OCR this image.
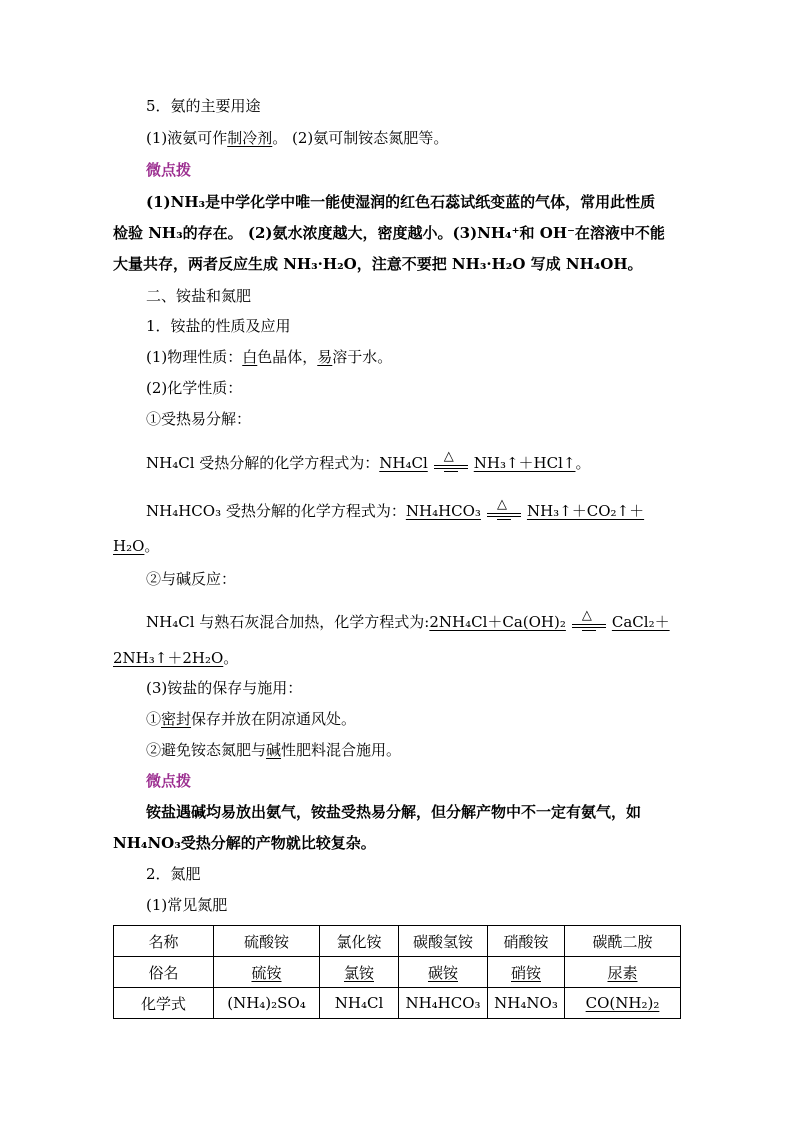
5．氨的主要用途
(1)液氨可作制冷剂。 (2)氨可制铵态氮肥等。
微点拨
(1)NH₃是中学化学中唯一能使湿润的红色石蕊试纸变蓝的气体，常用此性质
检验 NH₃的存在。 (2)氨水浓度越大，密度越小。(3)NH₄⁺和 OH⁻在溶液中不能
大量共存，两者反应生成 NH₃·H₂O，注意不要把 NH₃·H₂O 写成 NH₄OH。
二、铵盐和氮肥
1．铵盐的性质及应用
(1)物理性质：白色晶体，易溶于水。
(2)化学性质：
①受热易分解：
NH₄Cl 受热分解的化学方程式为：NH₄Cl △ NH₃↑＋HCl↑。
NH₄HCO₃ 受热分解的化学方程式为：NH₄HCO₃ △ NH₃↑＋CO₂↑＋
H₂O。
②与碱反应：
NH₄Cl 与熟石灰混合加热，化学方程式为:2NH₄Cl＋Ca(OH)₂ △ CaCl₂＋
2NH₃↑＋2H₂O。
(3)铵盐的保存与施用：
①密封保存并放在阴凉通风处。
②避免铵态氮肥与碱性肥料混合施用。
微点拨
铵盐遇碱均易放出氨气，铵盐受热易分解，但分解产物中不一定有氨气，如
NH₄NO₃受热分解的产物就比较复杂。
2．氮肥
(1)常见氮肥
名称	硫酸铵	氯化铵	碳酸氢铵	硝酸铵	碳酰二胺
俗名	硫铵	氯铵	碳铵	硝铵	尿素
化学式	(NH₄)₂SO₄	NH₄Cl	NH₄HCO₃	NH₄NO₃	CO(NH₂)₂
